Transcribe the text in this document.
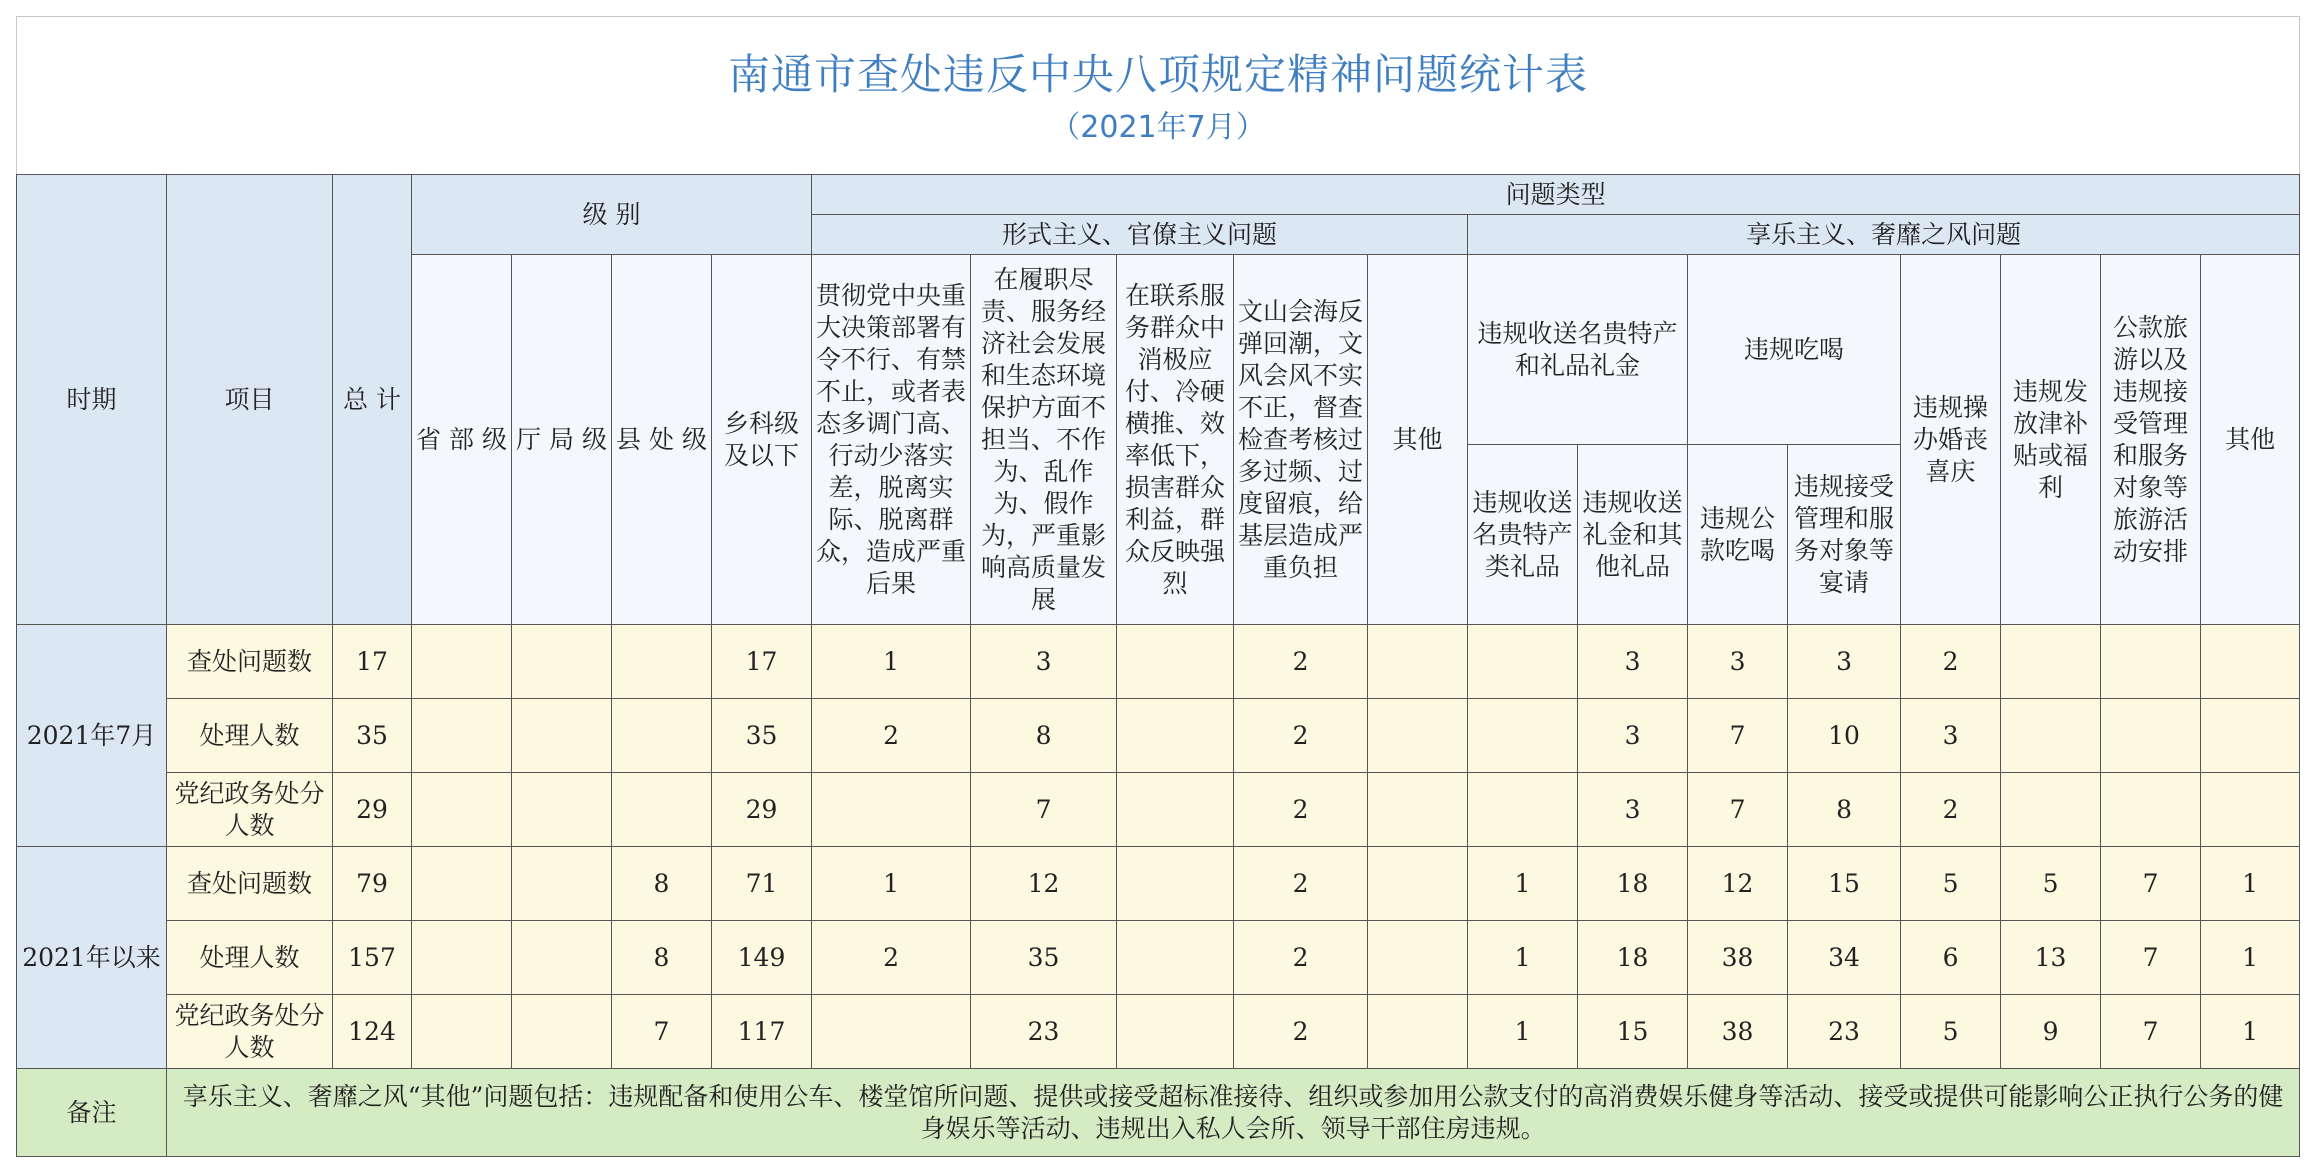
南通市查处违反中央八项规定精神问题统计表
（2021年7月）
时期	项目	总 计	级 别				问题类型												
							形式主义、官僚主义问题					享乐主义、奢靡之风问题							
			省 部 级	厅 局 级	县 处 级	乡科级
及以下	贯彻党中央重大决策部署有令不行、有禁不止，或者表态多调门高、行动少落实差，脱离实际、脱离群众，造成严重后果	在履职尽责、服务经济社会发展和生态环境保护方面不担当、不作为、乱作为、假作为，严重影响高质量发展	在联系服务群众中消极应付、冷硬横推、效率低下，损害群众利益，群众反映强烈	文山会海反弹回潮，文风会风不实不正，督查检查考核过多过频、过度留痕，给基层造成严重负担	其他	违规收送名贵特产和礼品礼金		违规吃喝		违规操办婚丧喜庆	违规发放津补贴或福利	公款旅游以及违规接受管理和服务对象等旅游活动安排	其他
												违规收送名贵特产类礼品	违规收送礼金和其他礼品	违规公款吃喝	违规接受管理和服务对象等宴请				
2021年7月	查处问题数	17				17	1	3		2			3	3	3	2			
	处理人数	35				35	2	8		2			3	7	10	3			
	党纪政务处分人数	29				29		7		2			3	7	8	2			
2021年以来	查处问题数	79			8	71	1	12		2		1	18	12	15	5	5	7	1
	处理人数	157			8	149	2	35		2		1	18	38	34	6	13	7	1
	党纪政务处分人数	124			7	117		23		2		1	15	38	23	5	9	7	1
备注	享乐主义、奢靡之风“其他”问题包括：违规配备和使用公车、楼堂馆所问题、提供或接受超标准接待、组织或参加用公款支付的高消费娱乐健身等活动、接受或提供可能影响公正执行公务的健身娱乐等活动、违规出入私人会所、领导干部住房违规。																		
